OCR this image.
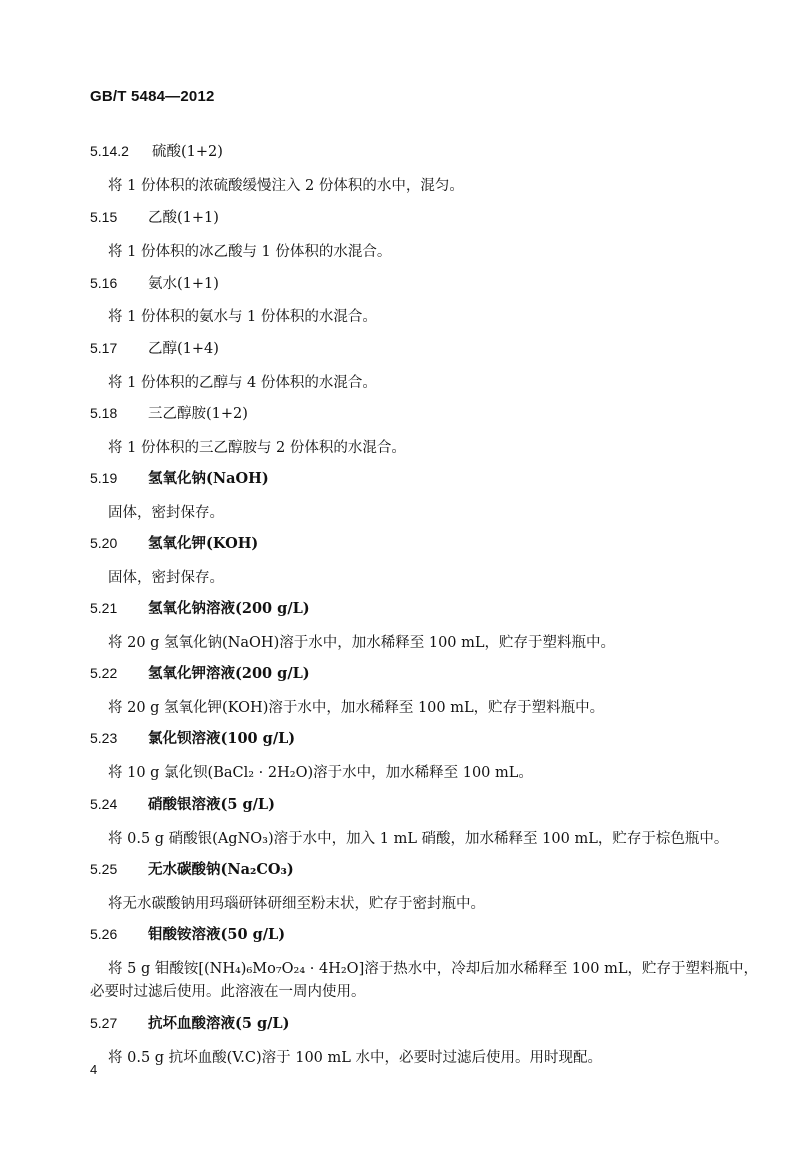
GB/T 5484—2012
5.14.2	硫酸(1+2)
将 1 份体积的浓硫酸缓慢注入 2 份体积的水中，混匀。
5.15	乙酸(1+1)
将 1 份体积的冰乙酸与 1 份体积的水混合。
5.16	氨水(1+1)
将 1 份体积的氨水与 1 份体积的水混合。
5.17	乙醇(1+4)
将 1 份体积的乙醇与 4 份体积的水混合。
5.18	三乙醇胺(1+2)
将 1 份体积的三乙醇胺与 2 份体积的水混合。
5.19	氢氧化钠(NaOH)
固体，密封保存。
5.20	氢氧化钾(KOH)
固体，密封保存。
5.21	氢氧化钠溶液(200 g/L)
将 20 g 氢氧化钠(NaOH)溶于水中，加水稀释至 100 mL，贮存于塑料瓶中。
5.22	氢氧化钾溶液(200 g/L)
将 20 g 氢氧化钾(KOH)溶于水中，加水稀释至 100 mL，贮存于塑料瓶中。
5.23	氯化钡溶液(100 g/L)
将 10 g 氯化钡(BaCl₂ · 2H₂O)溶于水中，加水稀释至 100 mL。
5.24	硝酸银溶液(5 g/L)
将 0.5 g 硝酸银(AgNO₃)溶于水中，加入 1 mL 硝酸，加水稀释至 100 mL，贮存于棕色瓶中。
5.25	无水碳酸钠(Na₂CO₃)
将无水碳酸钠用玛瑙研钵研细至粉末状，贮存于密封瓶中。
5.26	钼酸铵溶液(50 g/L)
将 5 g 钼酸铵[(NH₄)₆Mo₇O₂₄ · 4H₂O]溶于热水中，冷却后加水稀释至 100 mL，贮存于塑料瓶中，
必要时过滤后使用。此溶液在一周内使用。
5.27	抗坏血酸溶液(5 g/L)
将 0.5 g 抗坏血酸(V.C)溶于 100 mL 水中，必要时过滤后使用。用时现配。
4
